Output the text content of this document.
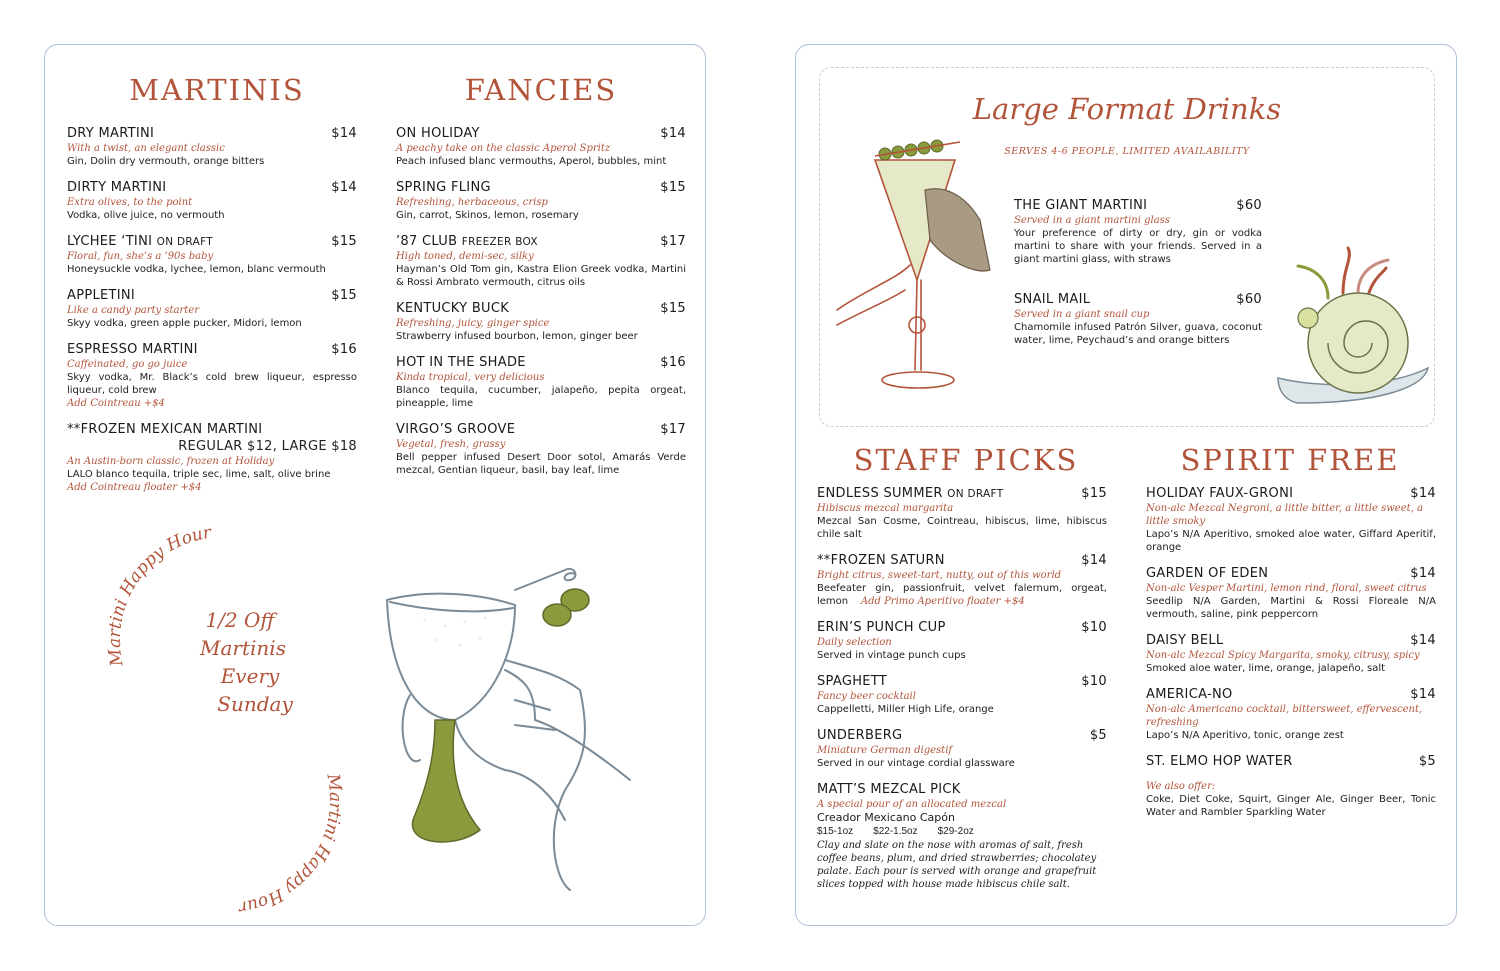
MARTINIS	FANCIES
DRY MARTINI	$14
With a twist, an elegant classic
Gin, Dolin dry vermouth, orange bitters
DIRTY MARTINI	$14
Extra olives, to the point
Vodka, olive juice, no vermouth
LYCHEE ‘TINI ON DRAFT	$15
Floral, fun, she’s a ’90s baby
Honeysuckle vodka, lychee, lemon, blanc vermouth
APPLETINI	$15
Like a candy party starter
Skyy vodka, green apple pucker, Midori, lemon
ESPRESSO MARTINI	$16
Caffeinated, go go juice
Skyy vodka, Mr. Black’s cold brew liqueur, espresso liqueur, cold brew
Add Cointreau +$4
**FROZEN MEXICAN MARTINI
REGULAR $12, LARGE $18
An Austin-born classic, frozen at Holiday
LALO blanco tequila, triple sec, lime, salt, olive brine
Add Cointreau floater +$4
ON HOLIDAY	$14
A peachy take on the classic Aperol Spritz
Peach infused blanc vermouths, Aperol, bubbles, mint
SPRING FLING	$15
Refreshing, herbaceous, crisp
Gin, carrot, Skinos, lemon, rosemary
’87 CLUB FREEZER BOX	$17
High toned, demi-sec, silky
Hayman’s Old Tom gin, Kastra Elion Greek vodka, Martini & Rossi Ambrato vermouth, citrus oils
KENTUCKY BUCK	$15
Refreshing, juicy, ginger spice
Strawberry infused bourbon, lemon, ginger beer
HOT IN THE SHADE	$16
Kinda tropical, very delicious
Blanco tequila, cucumber, jalapeño, pepita orgeat, pineapple, lime
VIRGO’S GROOVE	$17
Vegetal, fresh, grassy
Bell pepper infused Desert Door sotol, Amarás Verde mezcal, Gentian liqueur, basil, bay leaf, lime
Martini Happy Hour
Martini Happy Hour
1/2 Off
Martinis
Every
Sunday
Large Format Drinks
SERVES 4-6 PEOPLE, LIMITED AVAILABILITY
THE GIANT MARTINI	$60
Served in a giant martini glass
Your preference of dirty or dry, gin or vodka martini to share with your friends. Served in a giant martini glass, with straws
SNAIL MAIL	$60
Served in a giant snail cup
Chamomile infused Patrón Silver, guava, coconut water, lime, Peychaud’s and orange bitters
STAFF PICKS	SPIRIT FREE
ENDLESS SUMMER ON DRAFT	$15
Hibiscus mezcal margarita
Mezcal San Cosme, Cointreau, hibiscus, lime, hibiscus chile salt
**FROZEN SATURN	$14
Bright citrus, sweet-tart, nutty, out of this world
Beefeater gin, passionfruit, velvet falernum, orgeat, lemon Add Primo Aperitivo floater +$4
ERIN’S PUNCH CUP	$10
Daily selection
Served in vintage punch cups
SPAGHETT	$10
Fancy beer cocktail
Cappelletti, Miller High Life, orange
UNDERBERG	$5
Miniature German digestif
Served in our vintage cordial glassware
MATT’S MEZCAL PICK
A special pour of an allocated mezcal
Creador Mexicano Capón
$15-1oz $22-1.5oz $29-2oz
Clay and slate on the nose with aromas of salt, fresh coffee beans, plum, and dried strawberries; chocolatey palate. Each pour is served with orange and grapefruit slices topped with house made hibiscus chile salt.
HOLIDAY FAUX-GRONI	$14
Non-alc Mezcal Negroni, a little bitter, a little sweet, a little smoky
Lapo’s N/A Aperitivo, smoked aloe water, Giffard Aperitif, orange
GARDEN OF EDEN	$14
Non-alc Vesper Martini, lemon rind, floral, sweet citrus
Seedlip N/A Garden, Martini & Rossi Floreale N/A vermouth, saline, pink peppercorn
DAISY BELL	$14
Non-alc Mezcal Spicy Margarita, smoky, citrusy, spicy
Smoked aloe water, lime, orange, jalapeño, salt
AMERICA-NO	$14
Non-alc Americano cocktail, bittersweet, effervescent, refreshing
Lapo’s N/A Aperitivo, tonic, orange zest
ST. ELMO HOP WATER	$5
We also offer:
Coke, Diet Coke, Squirt, Ginger Ale, Ginger Beer, Tonic Water and Rambler Sparkling Water
